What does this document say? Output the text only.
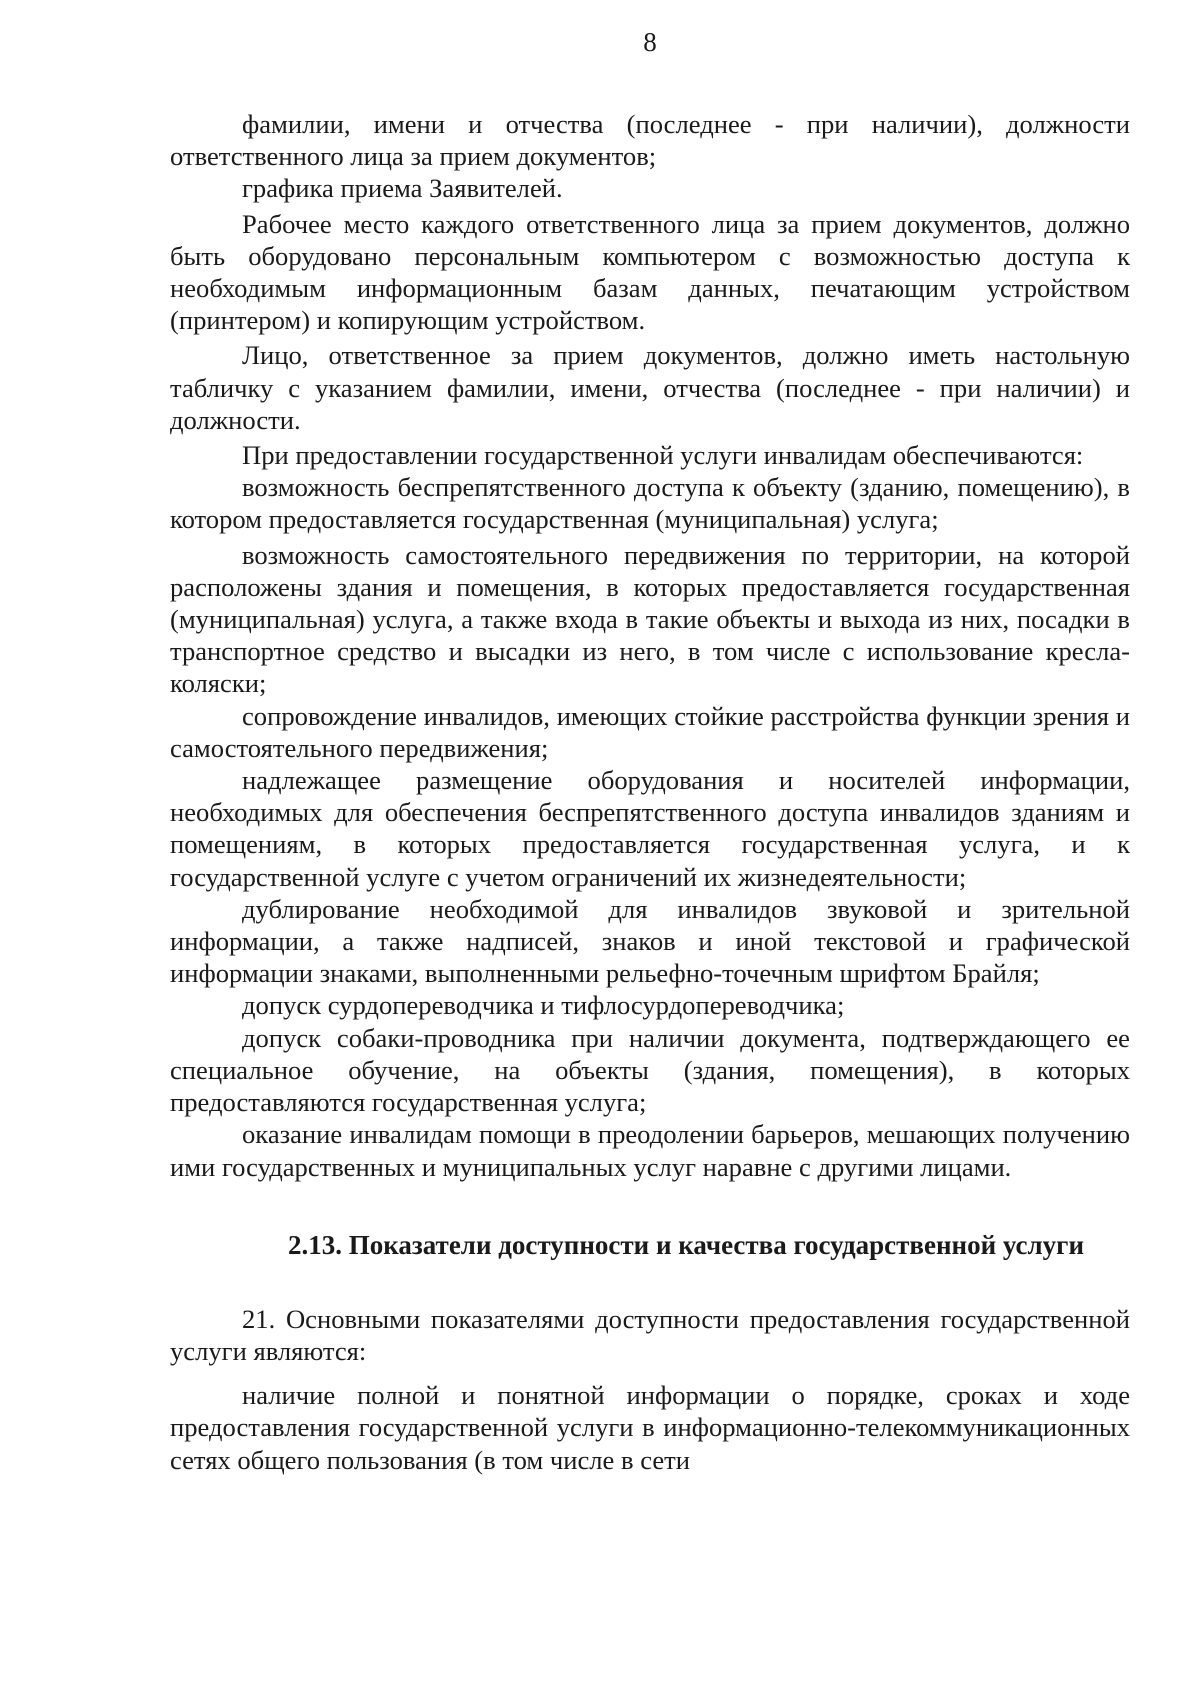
8

фамилии, имени и отчества (последнее - при наличии), должности ответственного лица за прием документов;

графика приема Заявителей.

Рабочее место каждого ответственного лица за прием документов, должно быть оборудовано персональным компьютером с возможностью доступа к необходимым информационным базам данных, печатающим устройством (принтером) и копирующим устройством.

Лицо, ответственное за прием документов, должно иметь настольную табличку с указанием фамилии, имени, отчества (последнее - при наличии) и должности.

При предоставлении государственной услуги инвалидам обеспечиваются:

возможность беспрепятственного доступа к объекту (зданию, помещению), в котором предоставляется государственная (муниципальная) услуга;

возможность самостоятельного передвижения по территории, на которой расположены здания и помещения, в которых предоставляется государственная (муниципальная) услуга, а также входа в такие объекты и выхода из них, посадки в транспортное средство и высадки из него, в том числе с использование кресла- коляски;

сопровождение инвалидов, имеющих стойкие расстройства функции зрения и самостоятельного передвижения;

надлежащее размещение оборудования и носителей информации, необходимых для обеспечения беспрепятственного доступа инвалидов зданиям и помещениям, в которых предоставляется государственная услуга, и к государственной услуге с учетом ограничений их жизнедеятельности;

дублирование необходимой для инвалидов звуковой и зрительной информации, а также надписей, знаков и иной текстовой и графической информации знаками, выполненными рельефно-точечным шрифтом Брайля;

допуск сурдопереводчика и тифлосурдопереводчика;

допуск собаки-проводника при наличии документа, подтверждающего ее специальное обучение, на объекты (здания, помещения), в которых предоставляются государственная услуга;

оказание инвалидам помощи в преодолении барьеров, мешающих получению ими государственных и муниципальных услуг наравне с другими лицами.

2.13. Показатели доступности и качества государственной услуги

21. Основными показателями доступности предоставления государственной услуги являются:

наличие полной и понятной информации о порядке, сроках и ходе предоставления государственной услуги в информационно-телекоммуникационных сетях общего пользования (в том числе в сети
